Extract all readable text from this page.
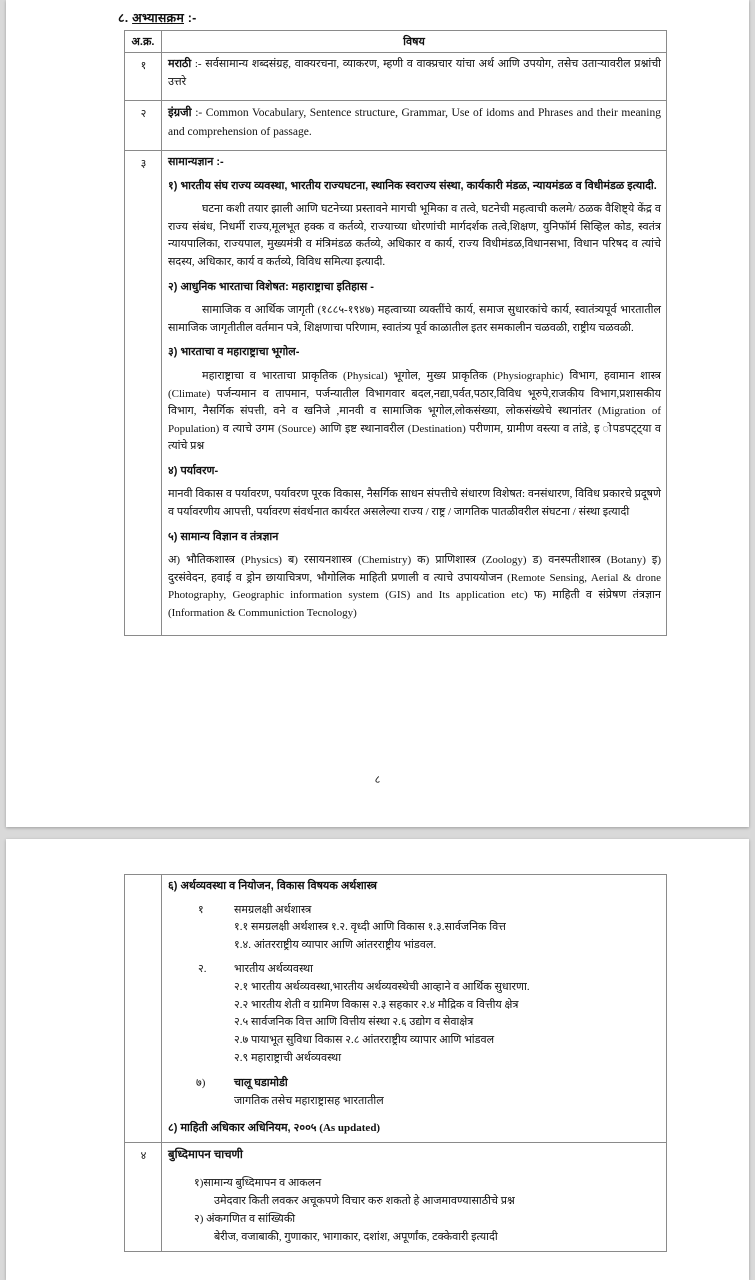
८. अभ्यासक्रम :-
अ.क्र.	विषय
१	मराठी :- सर्वसामान्य शब्दसंग्रह, वाक्यरचना, व्याकरण, म्हणी व वाक्प्रचार यांचा अर्थ आणि उपयोग, तसेच उताऱ्यावरील प्रश्नांची उत्तरे

२	इंग्रजी :- Common Vocabulary, Sentence structure, Grammar, Use of idoms and Phrases and their meaning and comprehension of passage.

३	सामान्यज्ञान :-

१) भारतीय संघ राज्य व्यवस्था, भारतीय राज्यघटना, स्थानिक स्वराज्य संस्था, कार्यकारी मंडळ, न्यायमंडळ व विधीमंडळ इत्यादी.

घटना कशी तयार झाली आणि घटनेच्या प्रस्तावने मागची भूमिका व तत्वे, घटनेची महत्वाची कलमे/ ठळक वैशिष्ट्ये केंद्र व राज्य संबंध, निधर्मी राज्य,मूलभूत हक्क व कर्तव्ये, राज्याच्या धोरणांची मार्गदर्शक तत्वे,शिक्षण, युनिफॉर्म सिव्हिल कोड, स्वतंत्र न्यायपालिका, राज्यपाल, मुख्यमंत्री व मंत्रिमंडळ कर्तव्ये, अधिकार व कार्य, राज्य विधीमंडळ,विधानसभा, विधान परिषद व त्यांचे सदस्य, अधिकार, कार्य व कर्तव्ये, विविध समित्या इत्यादी.

२) आधुनिक भारताचा विशेषत: महाराष्ट्राचा इतिहास -

सामाजिक व आर्थिक जागृती (१८८५-१९४७) महत्वाच्या व्यक्तींचे कार्य, समाज सुधारकांचे कार्य, स्वातंत्र्यपूर्व भारतातील सामाजिक जागृतीतील वर्तमान पत्रे, शिक्षणाचा परिणाम, स्वातंत्र्य पूर्व काळातील इतर समकालीन चळवळी, राष्ट्रीय चळवळी.

३) भारताचा व महाराष्ट्राचा भूगोल-

महाराष्ट्राचा व भारताचा प्राकृतिक (Physical) भूगोल, मुख्य प्राकृतिक (Physiographic) विभाग, हवामान शास्त्र (Climate) पर्जन्यमान व तापमान, पर्जन्यातील विभागवार बदल,नद्या,पर्वत,पठार,विविध भूरुपे,राजकीय विभाग,प्रशासकीय विभाग, नैसर्गिक संपत्ती, वने व खनिजे ,मानवी व सामाजिक भूगोल,लोकसंख्या, लोकसंख्येचे स्थानांतर (Migration of Population) व त्याचे उगम (Source) आणि इष्ट स्थानावरील (Destination) परीणाम, ग्रामीण वस्त्या व तांडे, इ ोपडपट्ट्या व त्यांचे प्रश्न

४) पर्यावरण-

मानवी विकास व पर्यावरण, पर्यावरण पूरक विकास, नैसर्गिक साधन संपत्तीचे संधारण विशेषत: वनसंधारण, विविध प्रकारचे प्रदूषणे व पर्यावरणीय आपत्ती, पर्यावरण संवर्धनात कार्यरत असलेल्या राज्य / राष्ट्र / जागतिक पातळीवरील संघटना / संस्था इत्यादी

५) सामान्य विज्ञान व तंत्रज्ञान

अ) भौतिकशास्त्र (Physics) ब) रसायनशास्त्र (Chemistry) क) प्राणिशास्त्र (Zoology) ड) वनस्पतीशास्त्र (Botany) इ) दुरसंवेदन, हवाई व ड्रोन छायाचित्रण, भौगोलिक माहिती प्रणाली व त्याचे उपाययोजन (Remote Sensing, Aerial & drone Photography, Geographic information system (GIS) and Its application etc) फ) माहिती व संप्रेषण तंत्रज्ञान (Information & Communiction Tecnology)

८

६) अर्थव्यवस्था व नियोजन, विकास विषयक अर्थशास्त्र

१	समग्रलक्षी अर्थशास्त्र
१.१ समग्रलक्षी अर्थशास्त्र १.२. वृध्दी आणि विकास १.३.सार्वजनिक वित्त
१.४. आंतरराष्ट्रीय व्यापार आणि आंतरराष्ट्रीय भांडवल.
२.	भारतीय अर्थव्यवस्था
२.१ भारतीय अर्थव्यवस्था,भारतीय अर्थव्यवस्थेची आव्हाने व आर्थिक सुधारणा.
२.२ भारतीय शेती व ग्रामिण विकास २.३ सहकार २.४ मौद्रिक व वित्तीय क्षेत्र
२.५ सार्वजनिक वित्त आणि वित्तीय संस्था २.६ उद्योग व सेवाक्षेत्र
२.७ पायाभूत सुविधा विकास २.८ आंतरराष्ट्रीय व्यापार आणि भांडवल
२.९ महाराष्ट्राची अर्थव्यवस्था
७)	चालू घडामोडी
जागतिक तसेच महाराष्ट्रासह भारतातील
८) माहिती अधिकार अधिनियम, २००५ (As updated)

४	बुध्दिमापन चाचणी

१)सामान्य बुध्दिमापन व आकलन
उमेदवार किती लवकर अचूकपणे विचार करु शकतो हे आजमावण्यासाठीचे प्रश्न
२) अंकगणित व सांख्यिकी
बेरीज, वजाबाकी, गुणाकार, भागाकार, दशांश, अपूर्णांक, टक्केवारी इत्यादी
